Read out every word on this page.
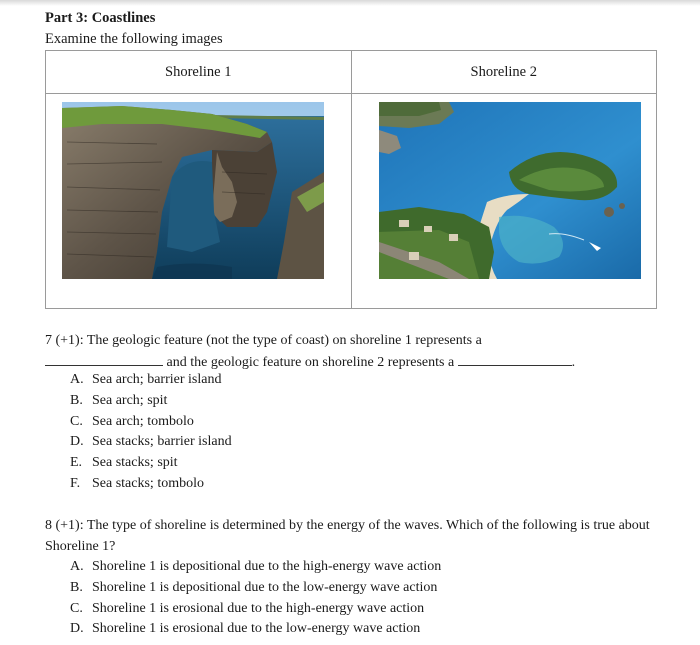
Part 3: Coastlines
Examine the following images
Shoreline 1	Shoreline 2

7 (+1): The geologic feature (not the type of coast) on shoreline 1 represents a
and the geologic feature on shoreline 2 represents a	.
A. Sea arch; barrier island
B. Sea arch; spit
C. Sea arch; tombolo
D. Sea stacks; barrier island
E. Sea stacks; spit
F. Sea stacks; tombolo
8 (+1): The type of shoreline is determined by the energy of the waves. Which of the following is true about Shoreline 1?
A. Shoreline 1 is depositional due to the high-energy wave action
B. Shoreline 1 is depositional due to the low-energy wave action
C. Shoreline 1 is erosional due to the high-energy wave action
D. Shoreline 1 is erosional due to the low-energy wave action
